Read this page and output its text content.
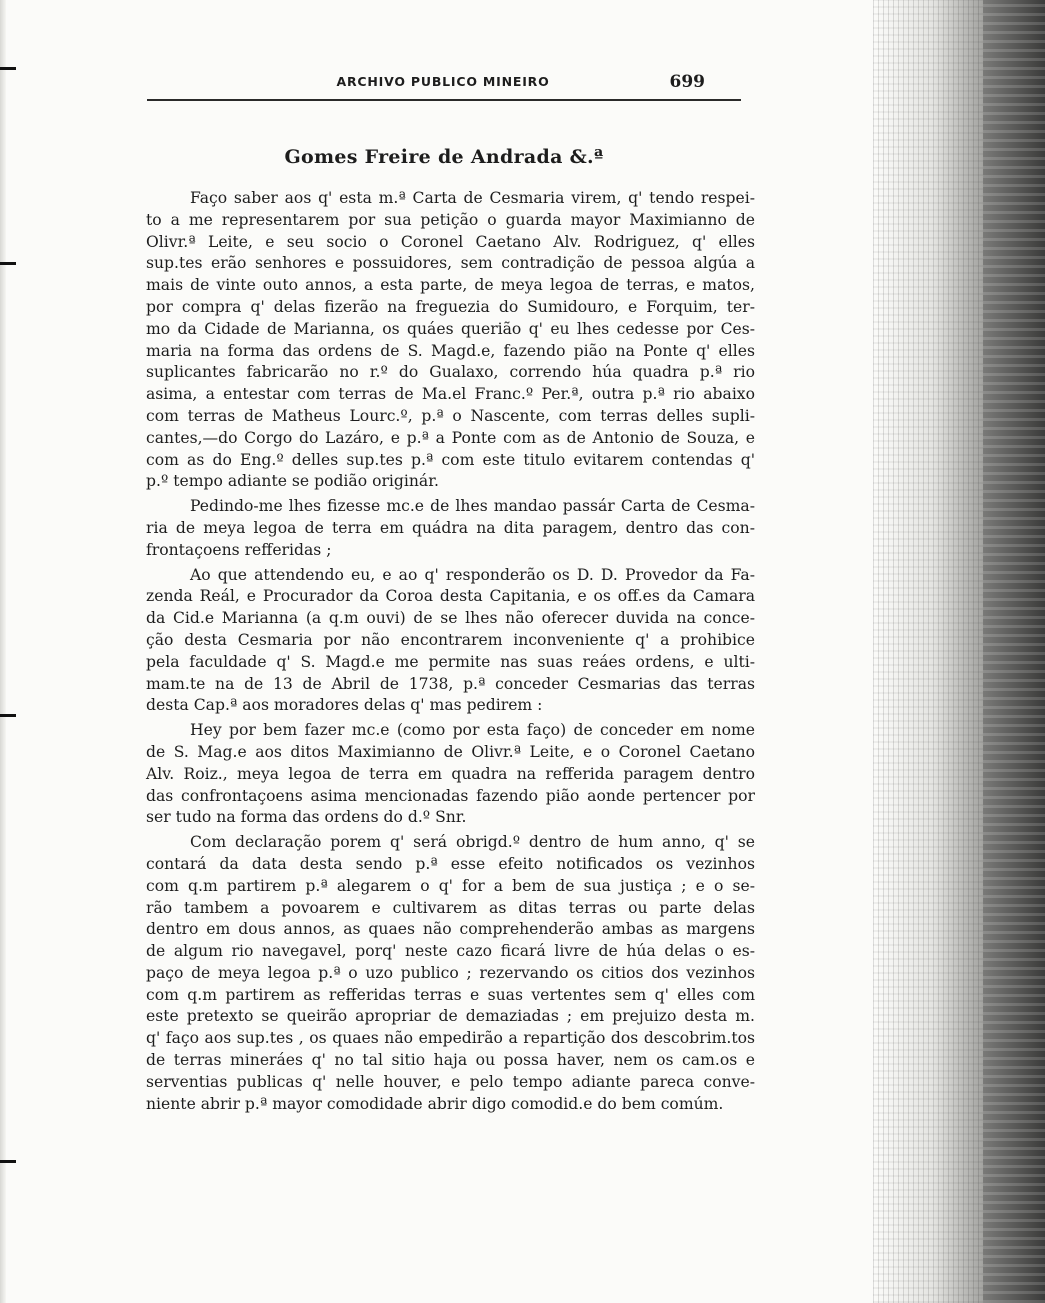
ARCHIVO PUBLICO MINEIRO	699
Gomes Freire de Andrada &.ª
Faço saber aos q' esta m.ª Carta de Cesmaria virem, q' tendo respei-
to a me representarem por sua petição o guarda mayor Maximianno de
Olivr.ª Leite, e seu socio o Coronel Caetano Alv. Rodriguez, q' elles
sup.tes erão senhores e possuidores, sem contradição de pessoa algúa a
mais de vinte outo annos, a esta parte, de meya legoa de terras, e matos,
por compra q' delas fizerão na freguezia do Sumidouro, e Forquim, ter-
mo da Cidade de Marianna, os quáes querião q' eu lhes cedesse por Ces-
maria na forma das ordens de S. Magd.e, fazendo pião na Ponte q' elles
suplicantes fabricarão no r.º do Gualaxo, correndo húa quadra p.ª rio
asima, a entestar com terras de Ma.el Franc.º Per.ª, outra p.ª rio abaixo
com terras de Matheus Lourc.º, p.ª o Nascente, com terras delles supli-
cantes,—do Corgo do Lazáro, e p.ª a Ponte com as de Antonio de Souza, e
com as do Eng.º delles sup.tes p.ª com este titulo evitarem contendas q'
p.º tempo adiante se podião originár.
Pedindo-me lhes fizesse mc.e de lhes mandao passár Carta de Cesma-
ria de meya legoa de terra em quádra na dita paragem, dentro das con-
frontaçoens refferidas ;
Ao que attendendo eu, e ao q' responderão os D. D. Provedor da Fa-
zenda Reál, e Procurador da Coroa desta Capitania, e os off.es da Camara
da Cid.e Marianna (a q.m ouvi) de se lhes não oferecer duvida na conce-
ção desta Cesmaria por não encontrarem inconveniente q' a prohibice
pela faculdade q' S. Magd.e me permite nas suas reáes ordens, e ulti-
mam.te na de 13 de Abril de 1738, p.ª conceder Cesmarias das terras
desta Cap.ª aos moradores delas q' mas pedirem :
Hey por bem fazer mc.e (como por esta faço) de conceder em nome
de S. Mag.e aos ditos Maximianno de Olivr.ª Leite, e o Coronel Caetano
Alv. Roiz., meya legoa de terra em quadra na refferida paragem dentro
das confrontaçoens asima mencionadas fazendo pião aonde pertencer por
ser tudo na forma das ordens do d.º Snr.
Com declaração porem q' será obrigd.º dentro de hum anno, q' se
contará da data desta sendo p.ª esse efeito notificados os vezinhos
com q.m partirem p.ª alegarem o q' for a bem de sua justiça ; e o se-
rão tambem a povoarem e cultivarem as ditas terras ou parte delas
dentro em dous annos, as quaes não comprehenderão ambas as margens
de algum rio navegavel, porq' neste cazo ficará livre de húa delas o es-
paço de meya legoa p.ª o uzo publico ; rezervando os citios dos vezinhos
com q.m partirem as refferidas terras e suas vertentes sem q' elles com
este pretexto se queirão apropriar de demaziadas ; em prejuizo desta m.
q' faço aos sup.tes , os quaes não empedirão a repartição dos descobrim.tos
de terras mineráes q' no tal sitio haja ou possa haver, nem os cam.os e
serventias publicas q' nelle houver, e pelo tempo adiante pareca conve-
niente abrir p.ª mayor comodidade abrir digo comodid.e do bem comúm.
